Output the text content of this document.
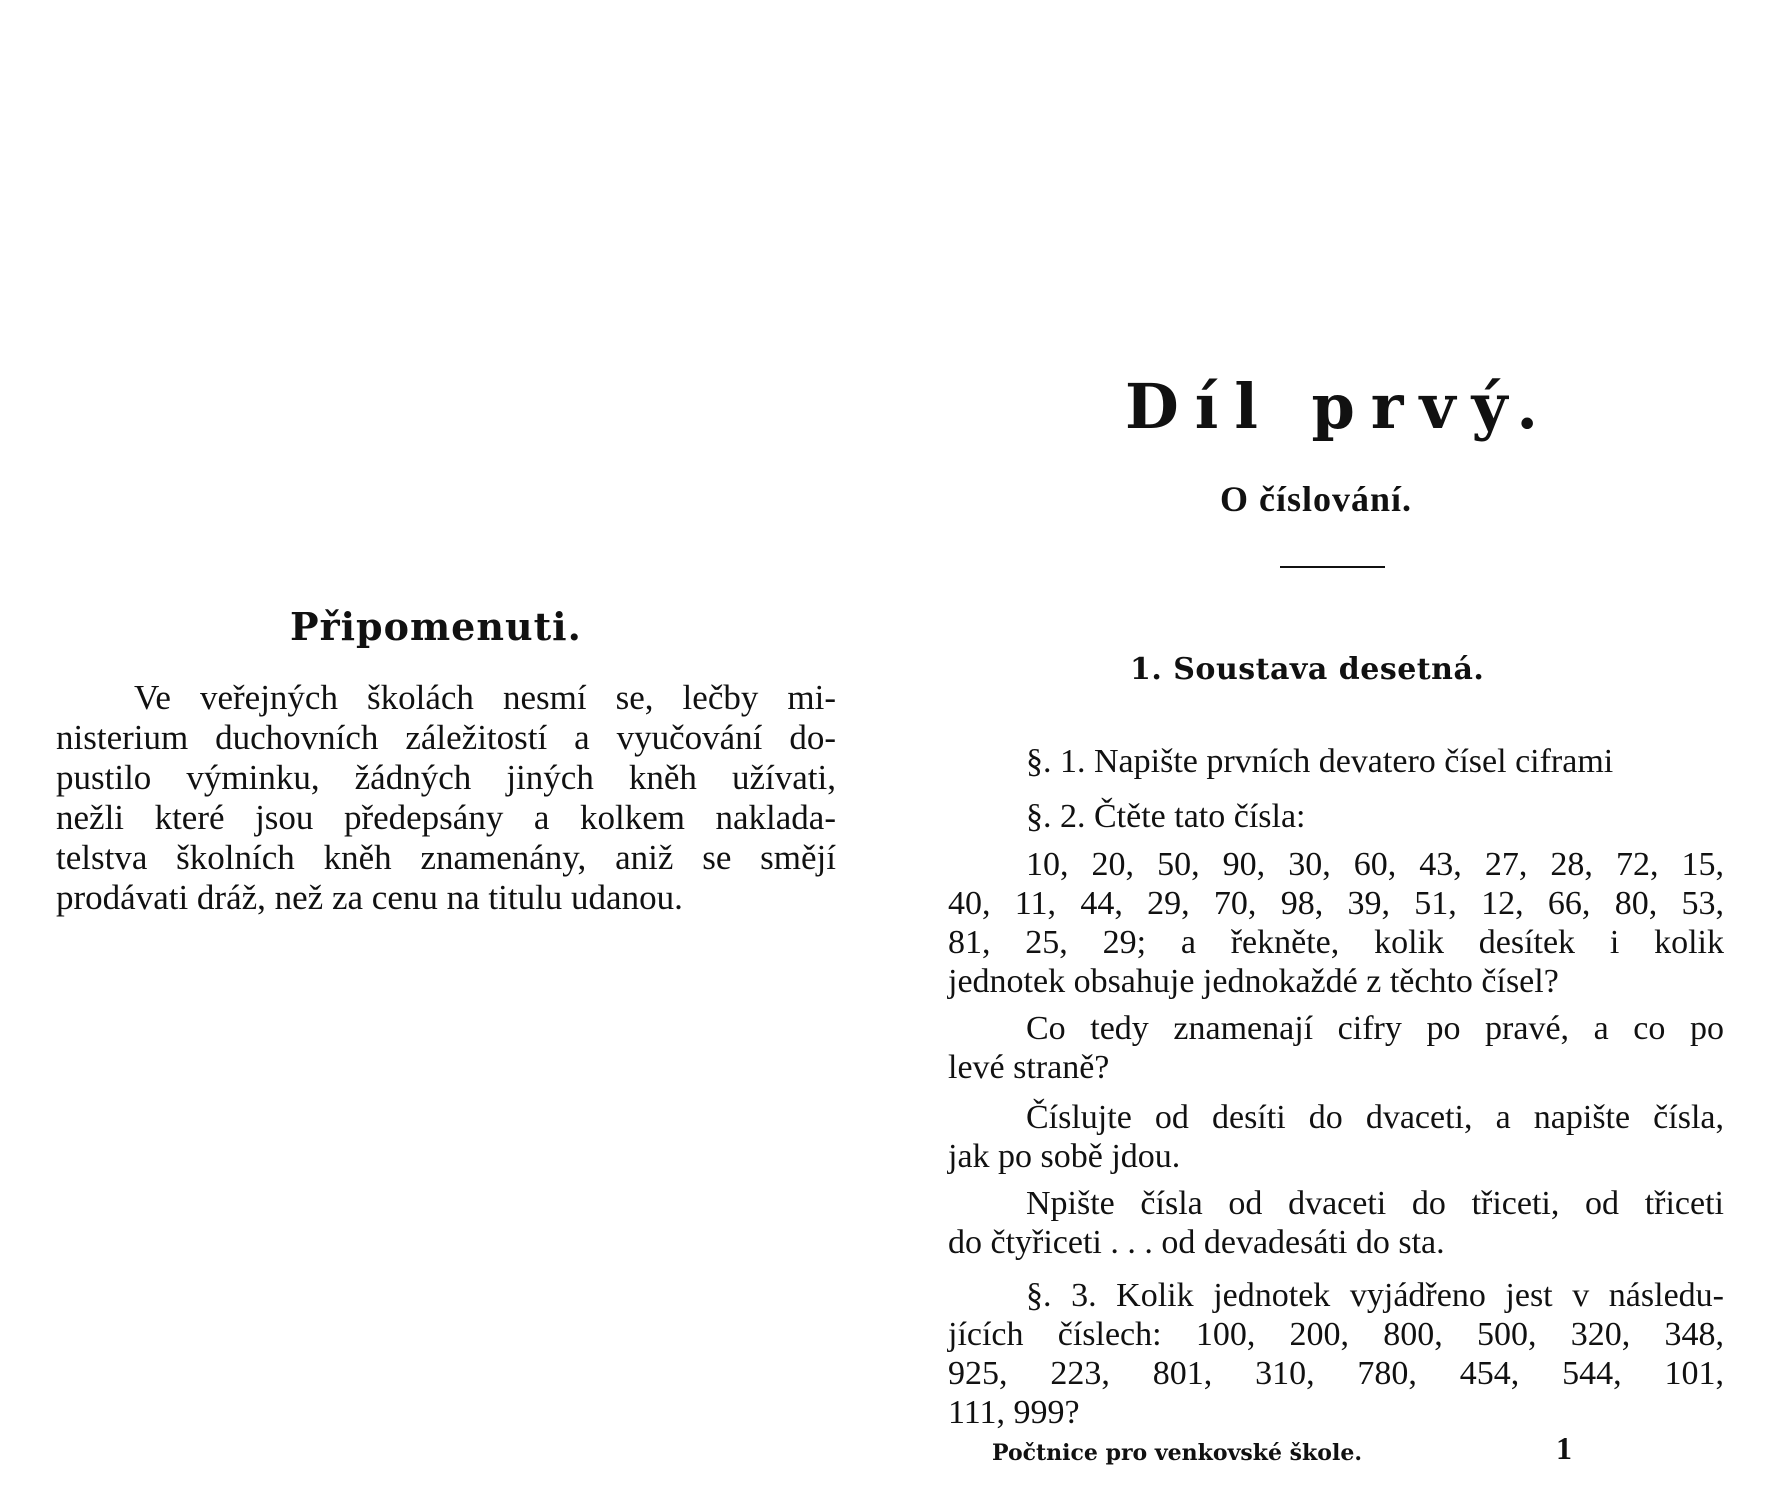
Připomenuti.

Ve veřejných školách nesmí se, lečby mi-
nisterium duchovních záležitostí a vyučování do-
pustilo výminku, žádných jiných kněh užívati,
nežli které jsou předepsány a kolkem naklada-
telstva školních kněh znamenány, aniž se smějí
prodávati dráž, než za cenu na titulu udanou.

Díl prvý.
O číslování.
1. Soustava desetná.

§. 1. Napište prvních devatero čísel ciframi

§. 2. Čtěte tato čísla:

10, 20, 50, 90, 30, 60, 43, 27, 28, 72, 15,
40, 11, 44, 29, 70, 98, 39, 51, 12, 66, 80, 53,
81, 25, 29; a řekněte, kolik desítek i kolik
jednotek obsahuje jednokaždé z těchto čísel?

Co tedy znamenají cifry po pravé, a co po
levé straně?

Číslujte od desíti do dvaceti, a napište čísla,
jak po sobě jdou.

Npište čísla od dvaceti do třiceti, od třiceti
do čtyřiceti . . . od devadesáti do sta.

§. 3. Kolik jednotek vyjádřeno jest v následu-
jících číslech: 100, 200, 800, 500, 320, 348,
925, 223, 801, 310, 780, 454, 544, 101,
111, 999?

Počtnice pro venkovské škole.	1
